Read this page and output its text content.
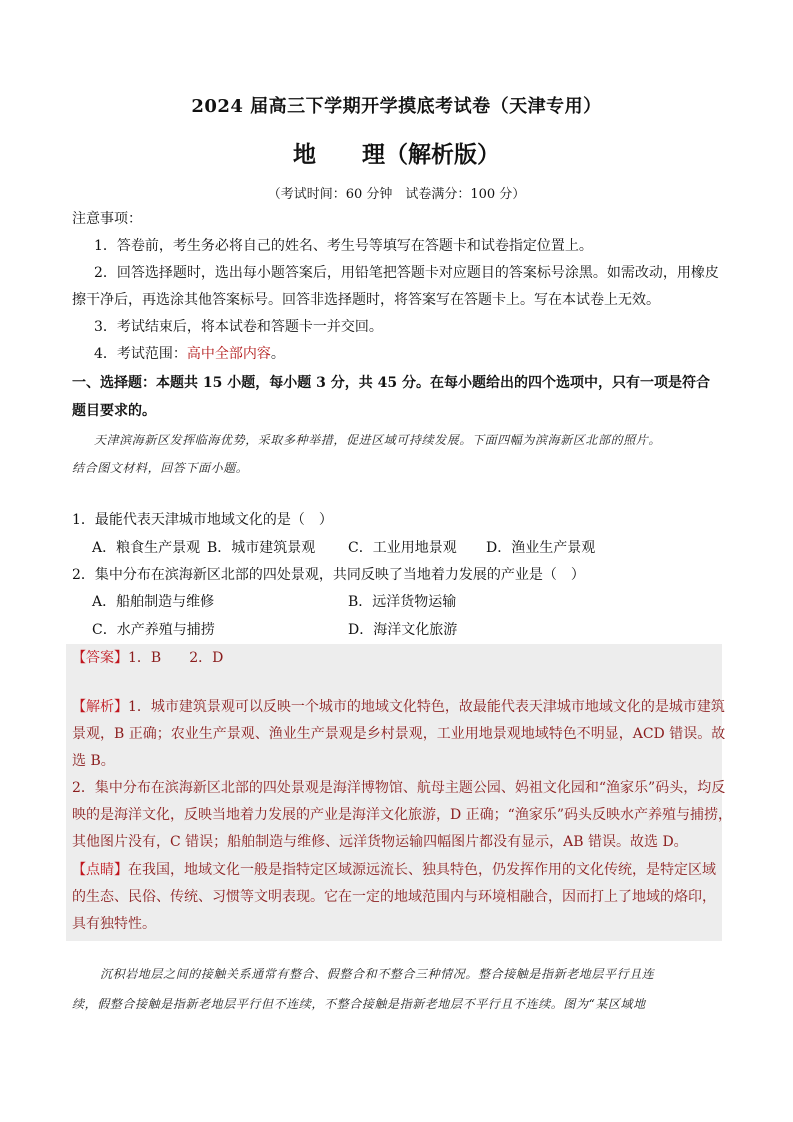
2024 届高三下学期开学摸底考试卷（天津专用）
地　　理（解析版）
（考试时间：60 分钟　试卷满分：100 分）
注意事项：
1．答卷前，考生务必将自己的姓名、考生号等填写在答题卡和试卷指定位置上。
2．回答选择题时，选出每小题答案后，用铅笔把答题卡对应题目的答案标号涂黑。如需改动，用橡皮
擦干净后，再选涂其他答案标号。回答非选择题时，将答案写在答题卡上。写在本试卷上无效。
3．考试结束后，将本试卷和答题卡一并交回。
4．考试范围：高中全部内容。
一、选择题：本题共 15 小题，每小题 3 分，共 45 分。在每小题给出的四个选项中，只有一项是符合
题目要求的。
天津滨海新区发挥临海优势，采取多种举措，促进区域可持续发展。下面四幅为滨海新区北部的照片。
结合图文材料，回答下面小题。
1．最能代表天津城市地域文化的是（　）
A．粮食生产景观 B．城市建筑景观 C．工业用地景观 D．渔业生产景观
2．集中分布在滨海新区北部的四处景观，共同反映了当地着力发展的产业是（　）
A．船舶制造与维修	B．远洋货物运输
C．水产养殖与捕捞	D．海洋文化旅游
【答案】1．B　　2．D
【解析】1．城市建筑景观可以反映一个城市的地域文化特色，故最能代表天津城市地域文化的是城市建筑
景观，B 正确；农业生产景观、渔业生产景观是乡村景观，工业用地景观地域特色不明显，ACD 错误。故
选 B。
2．集中分布在滨海新区北部的四处景观是海洋博物馆、航母主题公园、妈祖文化园和“渔家乐”码头，均反
映的是海洋文化，反映当地着力发展的产业是海洋文化旅游，D 正确；“渔家乐”码头反映水产养殖与捕捞，
其他图片没有，C 错误；船舶制造与维修、远洋货物运输四幅图片都没有显示，AB 错误。故选 D。
【点睛】在我国，地域文化一般是指特定区域源远流长、独具特色，仍发挥作用的文化传统，是特定区域
的生态、民俗、传统、习惯等文明表现。它在一定的地域范围内与环境相融合，因而打上了地域的烙印，
具有独特性。
沉积岩地层之间的接触关系通常有整合、假整合和不整合三种情况。整合接触是指新老地层平行且连
续，假整合接触是指新老地层平行但不连续，不整合接触是指新老地层不平行且不连续。图为“某区域地
